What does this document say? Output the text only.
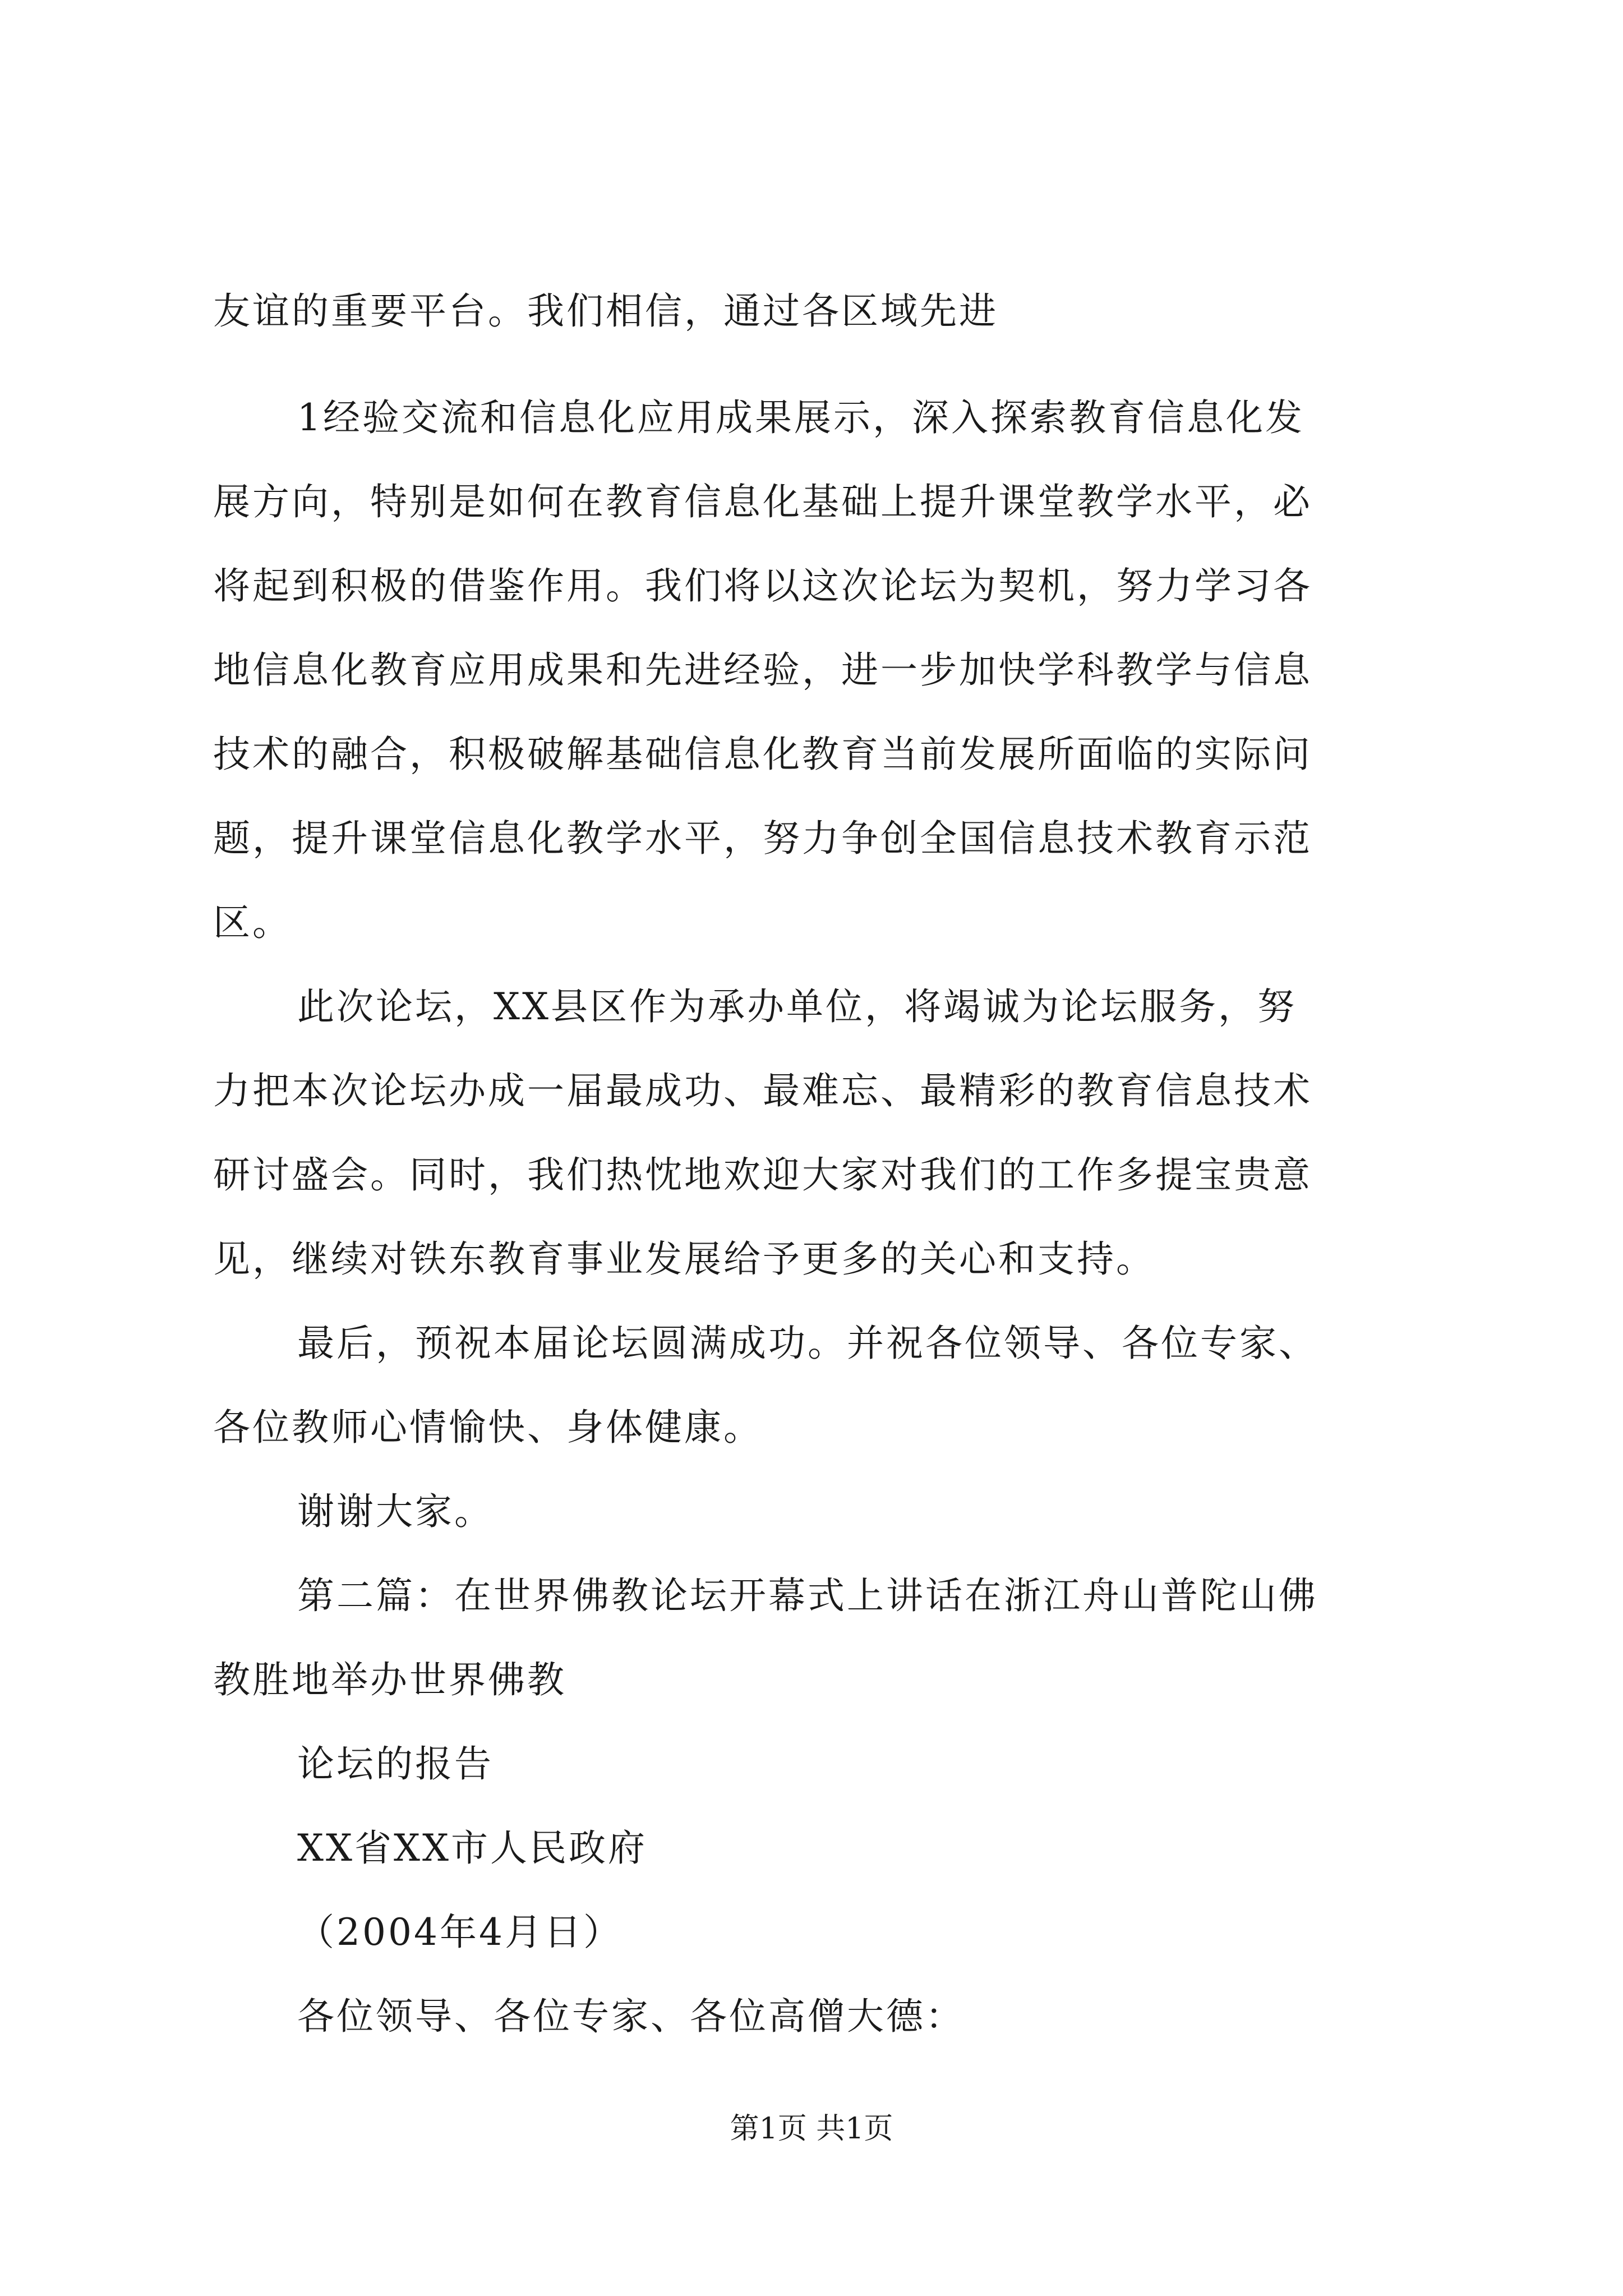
友谊的重要平台。我们相信，通过各区域先进
1经验交流和信息化应用成果展示，深入探索教育信息化发
展方向，特别是如何在教育信息化基础上提升课堂教学水平，必
将起到积极的借鉴作用。我们将以这次论坛为契机，努力学习各
地信息化教育应用成果和先进经验，进一步加快学科教学与信息
技术的融合，积极破解基础信息化教育当前发展所面临的实际问
题，提升课堂信息化教学水平，努力争创全国信息技术教育示范
区。
此次论坛，XX县区作为承办单位，将竭诚为论坛服务，努
力把本次论坛办成一届最成功、最难忘、最精彩的教育信息技术
研讨盛会。同时，我们热忱地欢迎大家对我们的工作多提宝贵意
见，继续对铁东教育事业发展给予更多的关心和支持。
最后，预祝本届论坛圆满成功。并祝各位领导、各位专家、
各位教师心情愉快、身体健康。
谢谢大家。
第二篇：在世界佛教论坛开幕式上讲话在浙江舟山普陀山佛
教胜地举办世界佛教
论坛的报告
XX省XX市人民政府
（2004年4月日）
各位领导、各位专家、各位高僧大德：
第1页 共1页
